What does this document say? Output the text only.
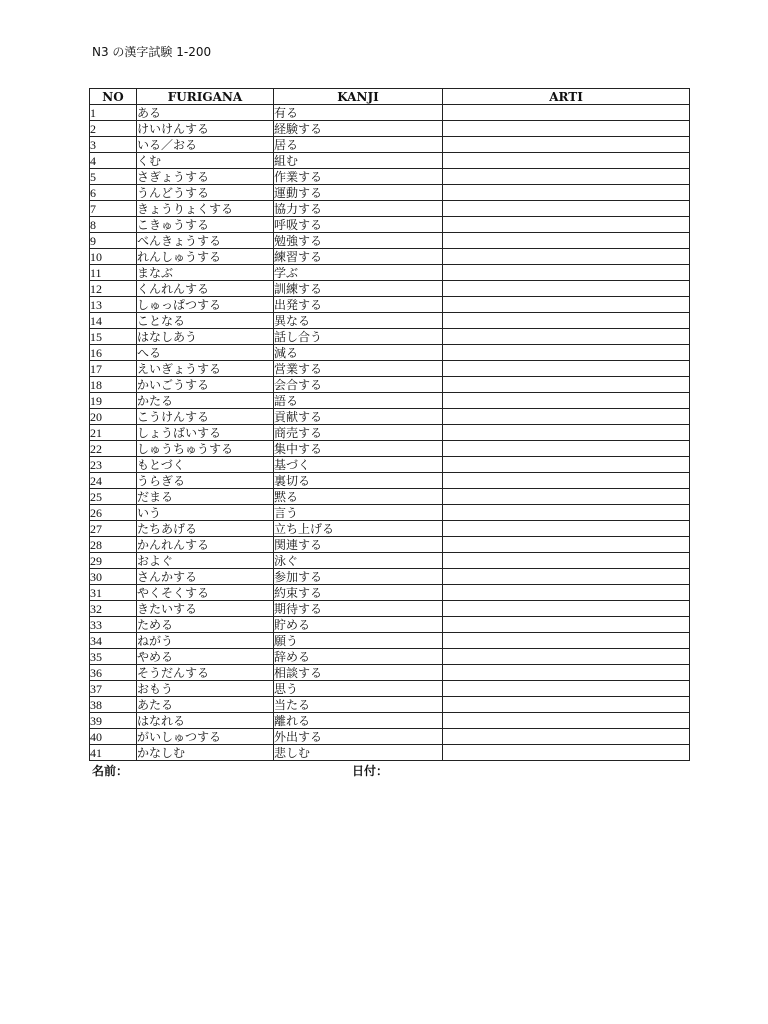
N3 の漢字試験 1-200
NO	FURIGANA	KANJI	ARTI
1	ある	有る	
2	けいけんする	経験する	
3	いる／おる	居る	
4	くむ	組む	
5	さぎょうする	作業する	
6	うんどうする	運動する	
7	きょうりょくする	協力する	
8	こきゅうする	呼吸する	
9	べんきょうする	勉強する	
10	れんしゅうする	練習する	
11	まなぶ	学ぶ	
12	くんれんする	訓練する	
13	しゅっぱつする	出発する	
14	ことなる	異なる	
15	はなしあう	話し合う	
16	へる	減る	
17	えいぎょうする	営業する	
18	かいごうする	会合する	
19	かたる	語る	
20	こうけんする	貢献する	
21	しょうばいする	商売する	
22	しゅうちゅうする	集中する	
23	もとづく	基づく	
24	うらぎる	裏切る	
25	だまる	黙る	
26	いう	言う	
27	たちあげる	立ち上げる	
28	かんれんする	関連する	
29	およぐ	泳ぐ	
30	さんかする	参加する	
31	やくそくする	約束する	
32	きたいする	期待する	
33	ためる	貯める	
34	ねがう	願う	
35	やめる	辞める	
36	そうだんする	相談する	
37	おもう	思う	
38	あたる	当たる	
39	はなれる	離れる	
40	がいしゅつする	外出する	
41	かなしむ	悲しむ	
名前：	日付：
